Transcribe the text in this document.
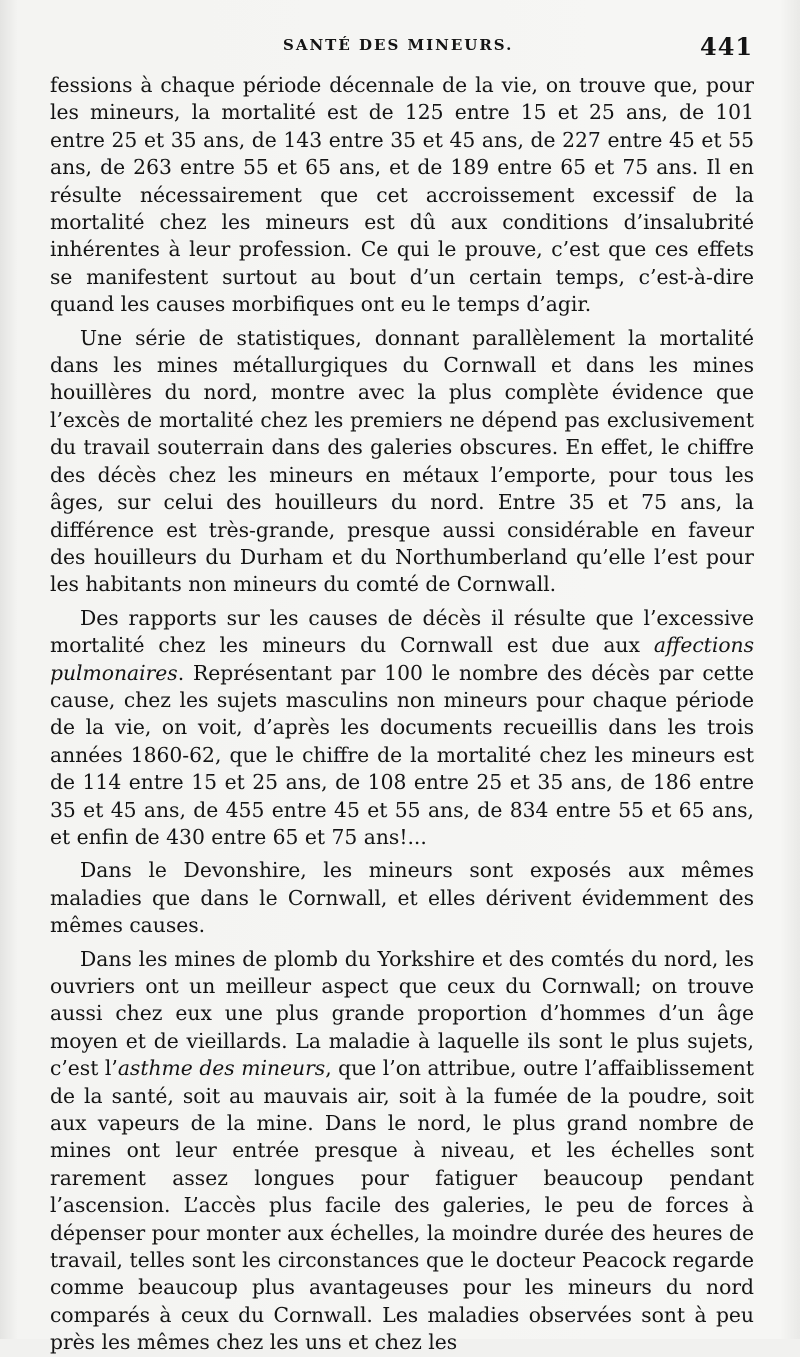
SANTÉ DES MINEURS.	441

fessions à chaque période décennale de la vie, on trouve que, pour les mineurs, la mortalité est de 125 entre 15 et 25 ans, de 101 entre 25 et 35 ans, de 143 entre 35 et 45 ans, de 227 entre 45 et 55 ans, de 263 entre 55 et 65 ans, et de 189 entre 65 et 75 ans. Il en résulte nécessairement que cet accroissement excessif de la mortalité chez les mineurs est dû aux conditions d’insalubrité inhérentes à leur profession. Ce qui le prouve, c’est que ces effets se manifestent surtout au bout d’un certain temps, c’est-à-dire quand les causes morbifiques ont eu le temps d’agir.

Une série de statistiques, donnant parallèlement la mortalité dans les mines métallurgiques du Cornwall et dans les mines houillères du nord, montre avec la plus complète évidence que l’excès de mortalité chez les premiers ne dépend pas exclusivement du travail souterrain dans des galeries obscures. En effet, le chiffre des décès chez les mineurs en métaux l’emporte, pour tous les âges, sur celui des houilleurs du nord. Entre 35 et 75 ans, la différence est très-grande, presque aussi considérable en faveur des houilleurs du Durham et du Northumberland qu’elle l’est pour les habitants non mineurs du comté de Cornwall.

Des rapports sur les causes de décès il résulte que l’excessive mortalité chez les mineurs du Cornwall est due aux affections pulmonaires. Représentant par 100 le nombre des décès par cette cause, chez les sujets masculins non mineurs pour chaque période de la vie, on voit, d’après les documents recueillis dans les trois années 1860-62, que le chiffre de la mortalité chez les mineurs est de 114 entre 15 et 25 ans, de 108 entre 25 et 35 ans, de 186 entre 35 et 45 ans, de 455 entre 45 et 55 ans, de 834 entre 55 et 65 ans, et enfin de 430 entre 65 et 75 ans!...

Dans le Devonshire, les mineurs sont exposés aux mêmes maladies que dans le Cornwall, et elles dérivent évidemment des mêmes causes.

Dans les mines de plomb du Yorkshire et des comtés du nord, les ouvriers ont un meilleur aspect que ceux du Cornwall; on trouve aussi chez eux une plus grande proportion d’hommes d’un âge moyen et de vieillards. La maladie à laquelle ils sont le plus sujets, c’est l’asthme des mineurs, que l’on attribue, outre l’affaiblissement de la santé, soit au mauvais air, soit à la fumée de la poudre, soit aux vapeurs de la mine. Dans le nord, le plus grand nombre de mines ont leur entrée presque à niveau, et les échelles sont rarement assez longues pour fatiguer beaucoup pendant l’ascension. L’accès plus facile des galeries, le peu de forces à dépenser pour monter aux échelles, la moindre durée des heures de travail, telles sont les circonstances que le docteur Peacock regarde comme beaucoup plus avantageuses pour les mineurs du nord comparés à ceux du Cornwall. Les maladies observées sont à peu près les mêmes chez les uns et chez les
